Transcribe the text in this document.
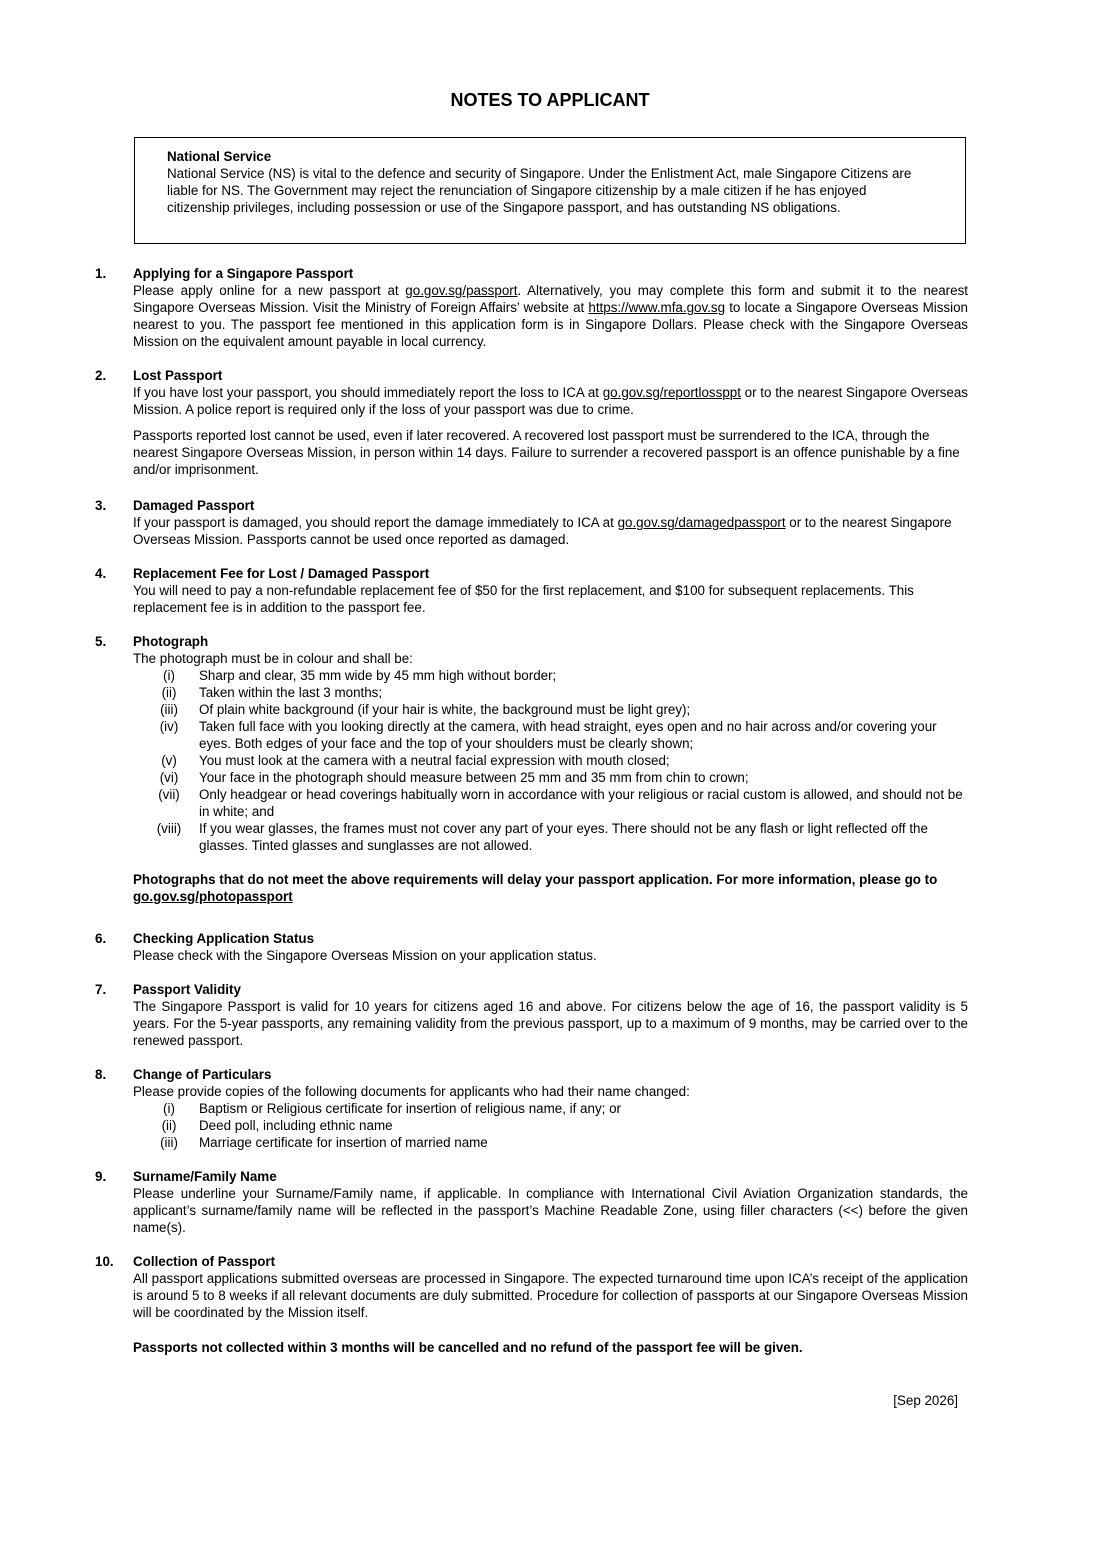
NOTES TO APPLICANT
National Service
National Service (NS) is vital to the defence and security of Singapore. Under the Enlistment Act, male Singapore Citizens are liable for NS. The Government may reject the renunciation of Singapore citizenship by a male citizen if he has enjoyed citizenship privileges, including possession or use of the Singapore passport, and has outstanding NS obligations.
1. Applying for a Singapore Passport
Please apply online for a new passport at go.gov.sg/passport. Alternatively, you may complete this form and submit it to the nearest Singapore Overseas Mission. Visit the Ministry of Foreign Affairs’ website at https://www.mfa.gov.sg to locate a Singapore Overseas Mission nearest to you. The passport fee mentioned in this application form is in Singapore Dollars. Please check with the Singapore Overseas Mission on the equivalent amount payable in local currency.
2. Lost Passport
If you have lost your passport, you should immediately report the loss to ICA at go.gov.sg/reportlossppt or to the nearest Singapore Overseas Mission. A police report is required only if the loss of your passport was due to crime.
Passports reported lost cannot be used, even if later recovered. A recovered lost passport must be surrendered to the ICA, through the nearest Singapore Overseas Mission, in person within 14 days. Failure to surrender a recovered passport is an offence punishable by a fine and/or imprisonment.
3. Damaged Passport
If your passport is damaged, you should report the damage immediately to ICA at go.gov.sg/damagedpassport or to the nearest Singapore Overseas Mission. Passports cannot be used once reported as damaged.
4. Replacement Fee for Lost / Damaged Passport
You will need to pay a non-refundable replacement fee of $50 for the first replacement, and $100 for subsequent replacements. This replacement fee is in addition to the passport fee.
5. Photograph
The photograph must be in colour and shall be:
(i)	Sharp and clear, 35 mm wide by 45 mm high without border;
(ii)	Taken within the last 3 months;
(iii)	Of plain white background (if your hair is white, the background must be light grey);
(iv)	Taken full face with you looking directly at the camera, with head straight, eyes open and no hair across and/or covering your eyes. Both edges of your face and the top of your shoulders must be clearly shown;
(v)	You must look at the camera with a neutral facial expression with mouth closed;
(vi)	Your face in the photograph should measure between 25 mm and 35 mm from chin to crown;
(vii)	Only headgear or head coverings habitually worn in accordance with your religious or racial custom is allowed, and should not be in white; and
(viii)	If you wear glasses, the frames must not cover any part of your eyes. There should not be any flash or light reflected off the glasses. Tinted glasses and sunglasses are not allowed.
Photographs that do not meet the above requirements will delay your passport application. For more information, please go to go.gov.sg/photopassport
6. Checking Application Status
Please check with the Singapore Overseas Mission on your application status.
7. Passport Validity
The Singapore Passport is valid for 10 years for citizens aged 16 and above. For citizens below the age of 16, the passport validity is 5 years. For the 5-year passports, any remaining validity from the previous passport, up to a maximum of 9 months, may be carried over to the renewed passport.
8. Change of Particulars
Please provide copies of the following documents for applicants who had their name changed:
(i)	Baptism or Religious certificate for insertion of religious name, if any; or
(ii)	Deed poll, including ethnic name
(iii)	Marriage certificate for insertion of married name
9. Surname/Family Name
Please underline your Surname/Family name, if applicable. In compliance with International Civil Aviation Organization standards, the applicant’s surname/family name will be reflected in the passport’s Machine Readable Zone, using filler characters (<<) before the given name(s).
10. Collection of Passport
All passport applications submitted overseas are processed in Singapore. The expected turnaround time upon ICA’s receipt of the application is around 5 to 8 weeks if all relevant documents are duly submitted. Procedure for collection of passports at our Singapore Overseas Mission will be coordinated by the Mission itself.
Passports not collected within 3 months will be cancelled and no refund of the passport fee will be given.
[Sep 2026]
